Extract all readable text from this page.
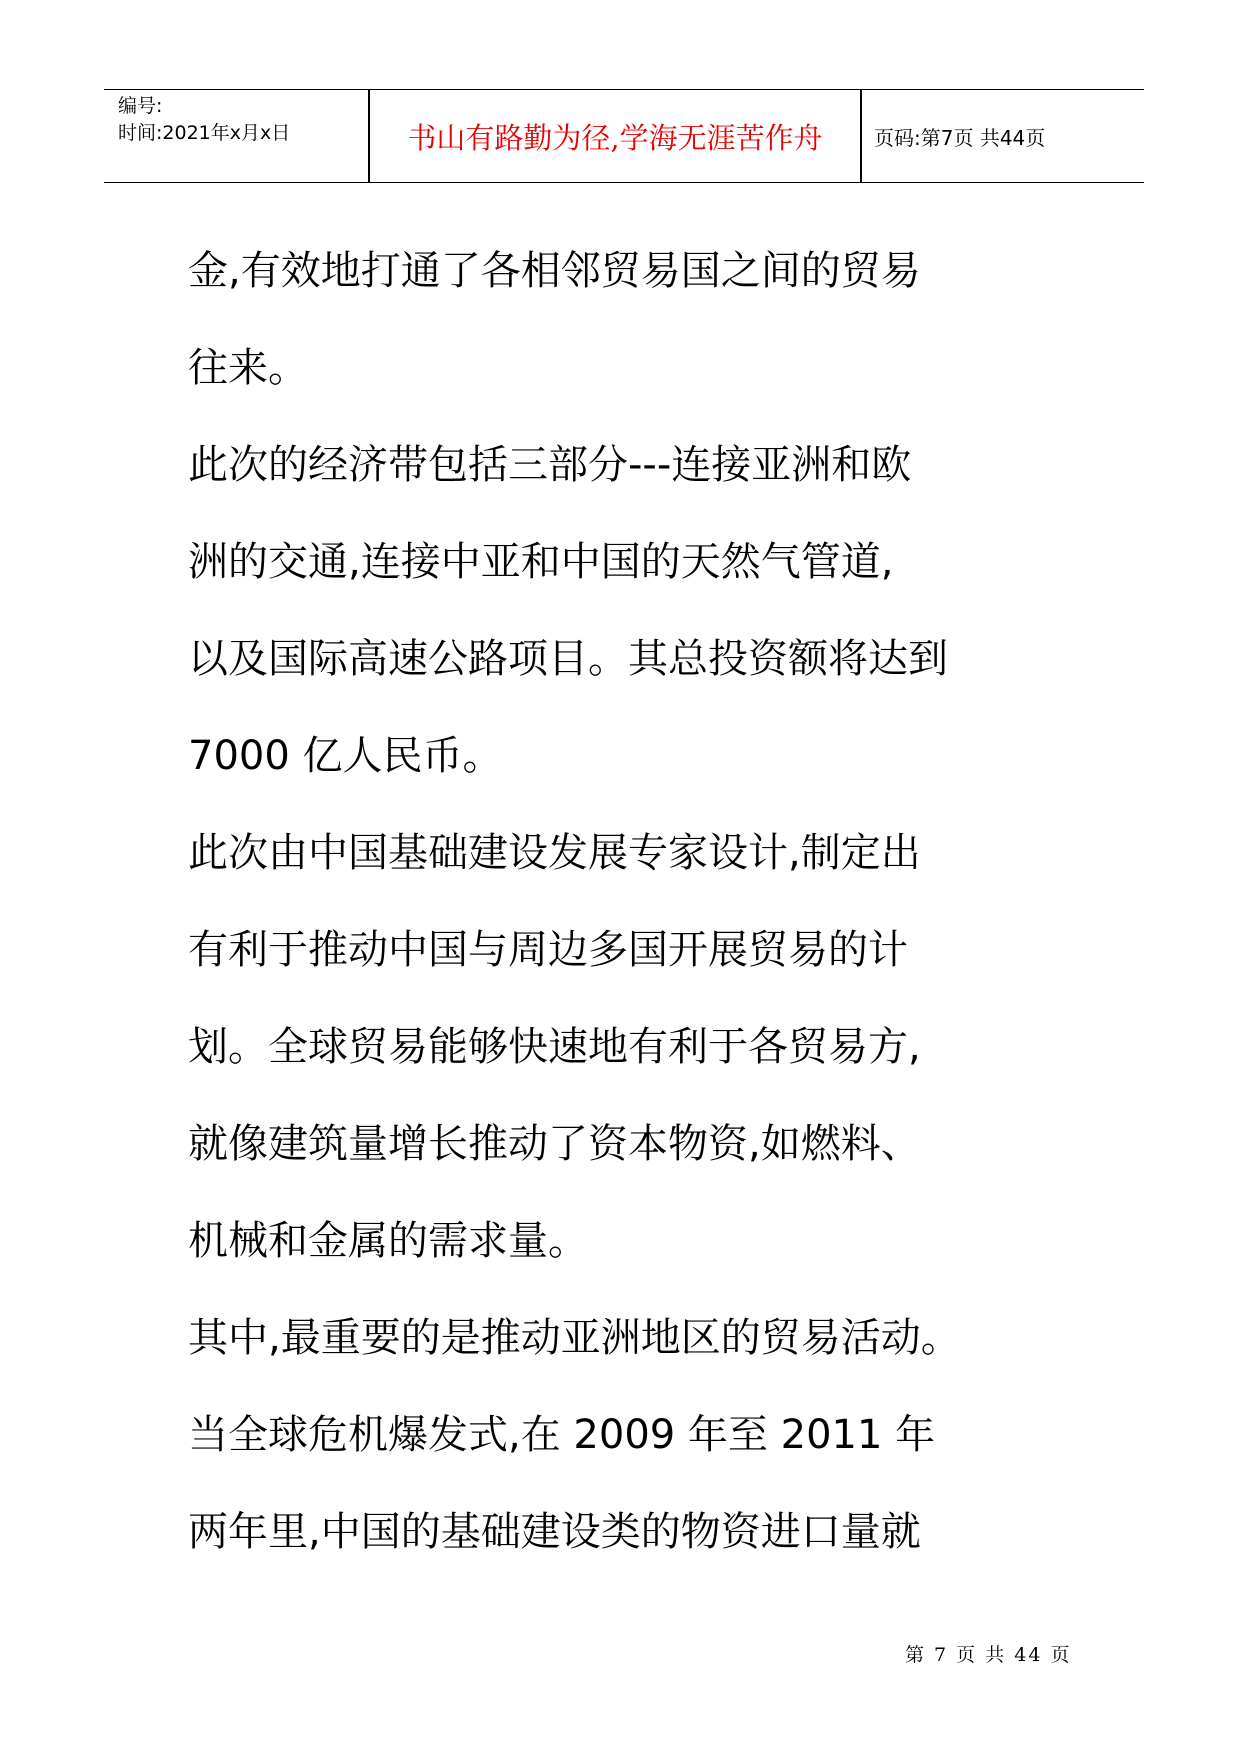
编号:
时间:2021年x月x日	书山有路勤为径,学海无涯苦作舟	页码:第7页 共44页
金,有效地打通了各相邻贸易国之间的贸易
往来。
此次的经济带包括三部分---连接亚洲和欧
洲的交通,连接中亚和中国的天然气管道,
以及国际高速公路项目。其总投资额将达到
7000 亿人民币。
此次由中国基础建设发展专家设计,制定出
有利于推动中国与周边多国开展贸易的计
划。全球贸易能够快速地有利于各贸易方,
就像建筑量增长推动了资本物资,如燃料、
机械和金属的需求量。
其中,最重要的是推动亚洲地区的贸易活动。
当全球危机爆发式,在 2009 年至 2011 年
两年里,中国的基础建设类的物资进口量就
第 7 页 共 44 页
